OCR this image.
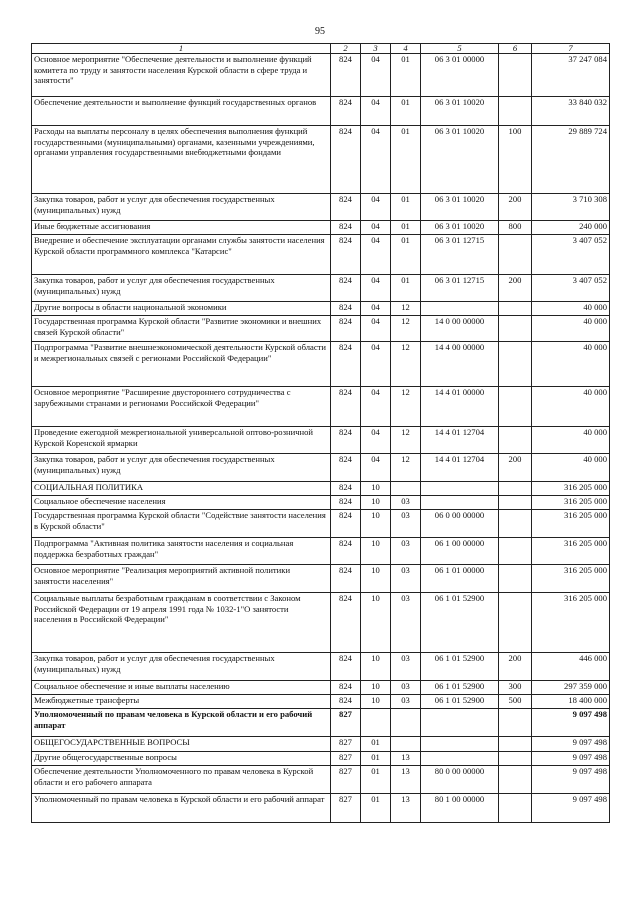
95
1	2	3	4	5	6	7
Основное мероприятие "Обеспечение деятельности и выполнение функций комитета по труду и занятости населения Курской области в сфере труда и занятости"	824	04	01	06 3 01 00000		37 247 084
Обеспечение деятельности и выполнение функций государственных органов	824	04	01	06 3 01 10020		33 840 032
Расходы на выплаты персоналу в целях обеспечения выполнения функций государственными (муниципальными) органами, казенными учреждениями, органами управления государственными внебюджетными фондами	824	04	01	06 3 01 10020	100	29 889 724
Закупка товаров, работ и услуг для обеспечения государственных (муниципальных) нужд	824	04	01	06 3 01 10020	200	3 710 308
Иные бюджетные ассигнования	824	04	01	06 3 01 10020	800	240 000
Внедрение и обеспечение эксплуатации органами службы занятости населения Курской области программного комплекса "Катарсис"	824	04	01	06 3 01 12715		3 407 052
Закупка товаров, работ и услуг для обеспечения государственных (муниципальных) нужд	824	04	01	06 3 01 12715	200	3 407 052
Другие вопросы в области национальной экономики	824	04	12			40 000
Государственная программа Курской области "Развитие экономики и внешних связей Курской области"	824	04	12	14 0 00 00000		40 000
Подпрограмма "Развитие внешнеэкономической деятельности Курской области и межрегиональных связей с регионами Российской Федерации"	824	04	12	14 4 00 00000		40 000
Основное мероприятие "Расширение двустороннего сотрудничества с зарубежными странами и регионами Российской Федерации"	824	04	12	14 4 01 00000		40 000
Проведение ежегодной межрегиональной универсальной оптово-розничной Курской Коренской ярмарки	824	04	12	14 4 01 12704		40 000
Закупка товаров, работ и услуг для обеспечения государственных (муниципальных) нужд	824	04	12	14 4 01 12704	200	40 000
СОЦИАЛЬНАЯ ПОЛИТИКА	824	10				316 205 000
Социальное обеспечение населения	824	10	03			316 205 000
Государственная программа Курской области "Содействие занятости населения в Курской области"	824	10	03	06 0 00 00000		316 205 000
Подпрограмма "Активная политика занятости населения и социальная поддержка безработных граждан"	824	10	03	06 1 00 00000		316 205 000
Основное мероприятие "Реализация мероприятий активной политики занятости населения"	824	10	03	06 1 01 00000		316 205 000
Социальные выплаты безработным гражданам в соответствии с Законом Российской Федерации от 19 апреля 1991 года № 1032-1"О занятости населения в Российской Федерации"	824	10	03	06 1 01 52900		316 205 000
Закупка товаров, работ и услуг для обеспечения государственных (муниципальных) нужд	824	10	03	06 1 01 52900	200	446 000
Социальное обеспечение и иные выплаты населению	824	10	03	06 1 01 52900	300	297 359 000
Межбюджетные трансферты	824	10	03	06 1 01 52900	500	18 400 000
Уполномоченный по правам человека в Курской области и его рабочий аппарат	827					9 097 498
ОБЩЕГОСУДАРСТВЕННЫЕ ВОПРОСЫ	827	01				9 097 498
Другие общегосударственные вопросы	827	01	13			9 097 498
Обеспечение деятельности Уполномоченного по правам человека в Курской области и его рабочего аппарата	827	01	13	80 0 00 00000		9 097 498
Уполномоченный по правам человека в Курской области и его рабочий аппарат	827	01	13	80 1 00 00000		9 097 498
